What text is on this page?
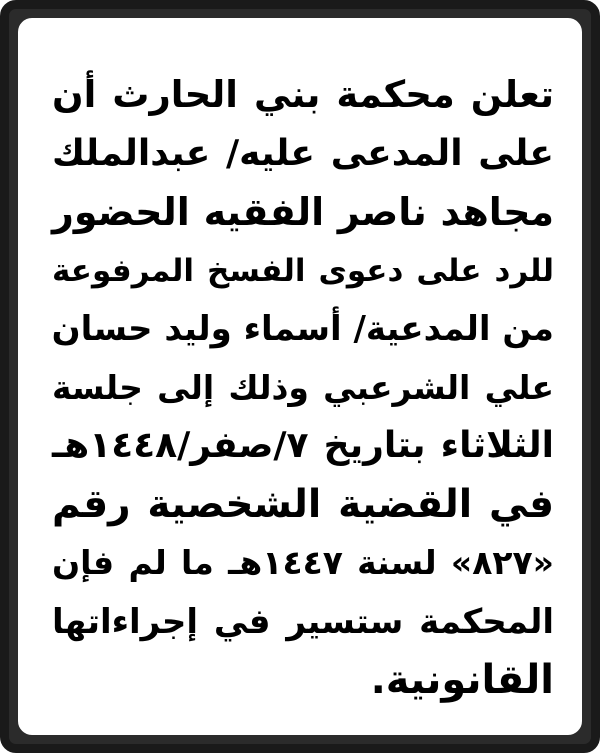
تعلن محكمة بني الحارث أن
على المدعى عليه/ عبدالملك
مجاهد ناصر الفقيه الحضور
للرد على دعوى الفسخ المرفوعة
من المدعية/ أسماء وليد حسان
علي الشرعبي وذلك إلى جلسة
الثلاثاء بتاريخ ٧/صفر/١٤٤٨هـ
في القضية الشخصية رقم
«٨٢٧» لسنة ١٤٤٧هـ ما لم فإن
المحكمة ستسير في إجراءاتها
القانونية.
